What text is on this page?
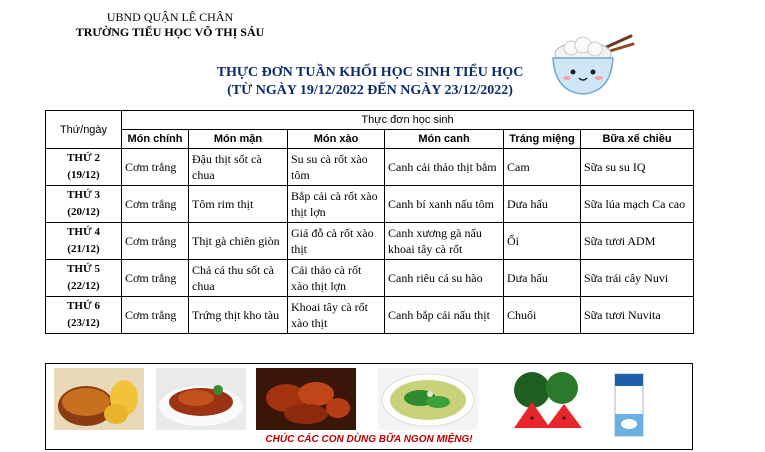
UBND QUẬN LÊ CHÂN
TRƯỜNG TIỂU HỌC VÕ THỊ SÁU
THỰC ĐƠN TUẦN KHỐI HỌC SINH TIỂU HỌC
(TỪ NGÀY 19/12/2022 ĐẾN NGÀY 23/12/2022)
Thứ/ngày	Thực đơn học sinh					
	Món chính	Món mặn	Món xào	Món canh	Tráng miệng	Bữa xế chiều

THỨ 2
(19/12)	Cơm trắng	Đậu thịt sốt cà chua	Su su cà rốt xào tôm	Canh cải thảo thịt bằm	Cam	Sữa su su IQ

THỨ 3
(20/12)	Cơm trắng	Tôm rim thịt	Bắp cải cà rốt xào thịt lợn	Canh bí xanh nấu tôm	Dưa hấu	Sữa lúa mạch Ca cao

THỨ 4
(21/12)	Cơm trắng	Thịt gà chiên giòn	Giá đỗ cà rốt xào thịt	Canh xương gà nấu khoai tây cà rốt	Ổi	Sữa tươi ADM

THỨ 5
(22/12)	Cơm trắng	Chả cá thu sốt cà chua	Cải thảo cà rốt xào thịt lợn	Canh riêu cá su hào	Dưa hấu	Sữa trái cây Nuvi

THỨ 6
(23/12)	Cơm trắng	Trứng thịt kho tàu	Khoai tây cà rốt xào thịt	Canh bắp cải nấu thịt	Chuối	Sữa tươi Nuvita
CHÚC CÁC CON DÙNG BỮA NGON MIỆNG!
